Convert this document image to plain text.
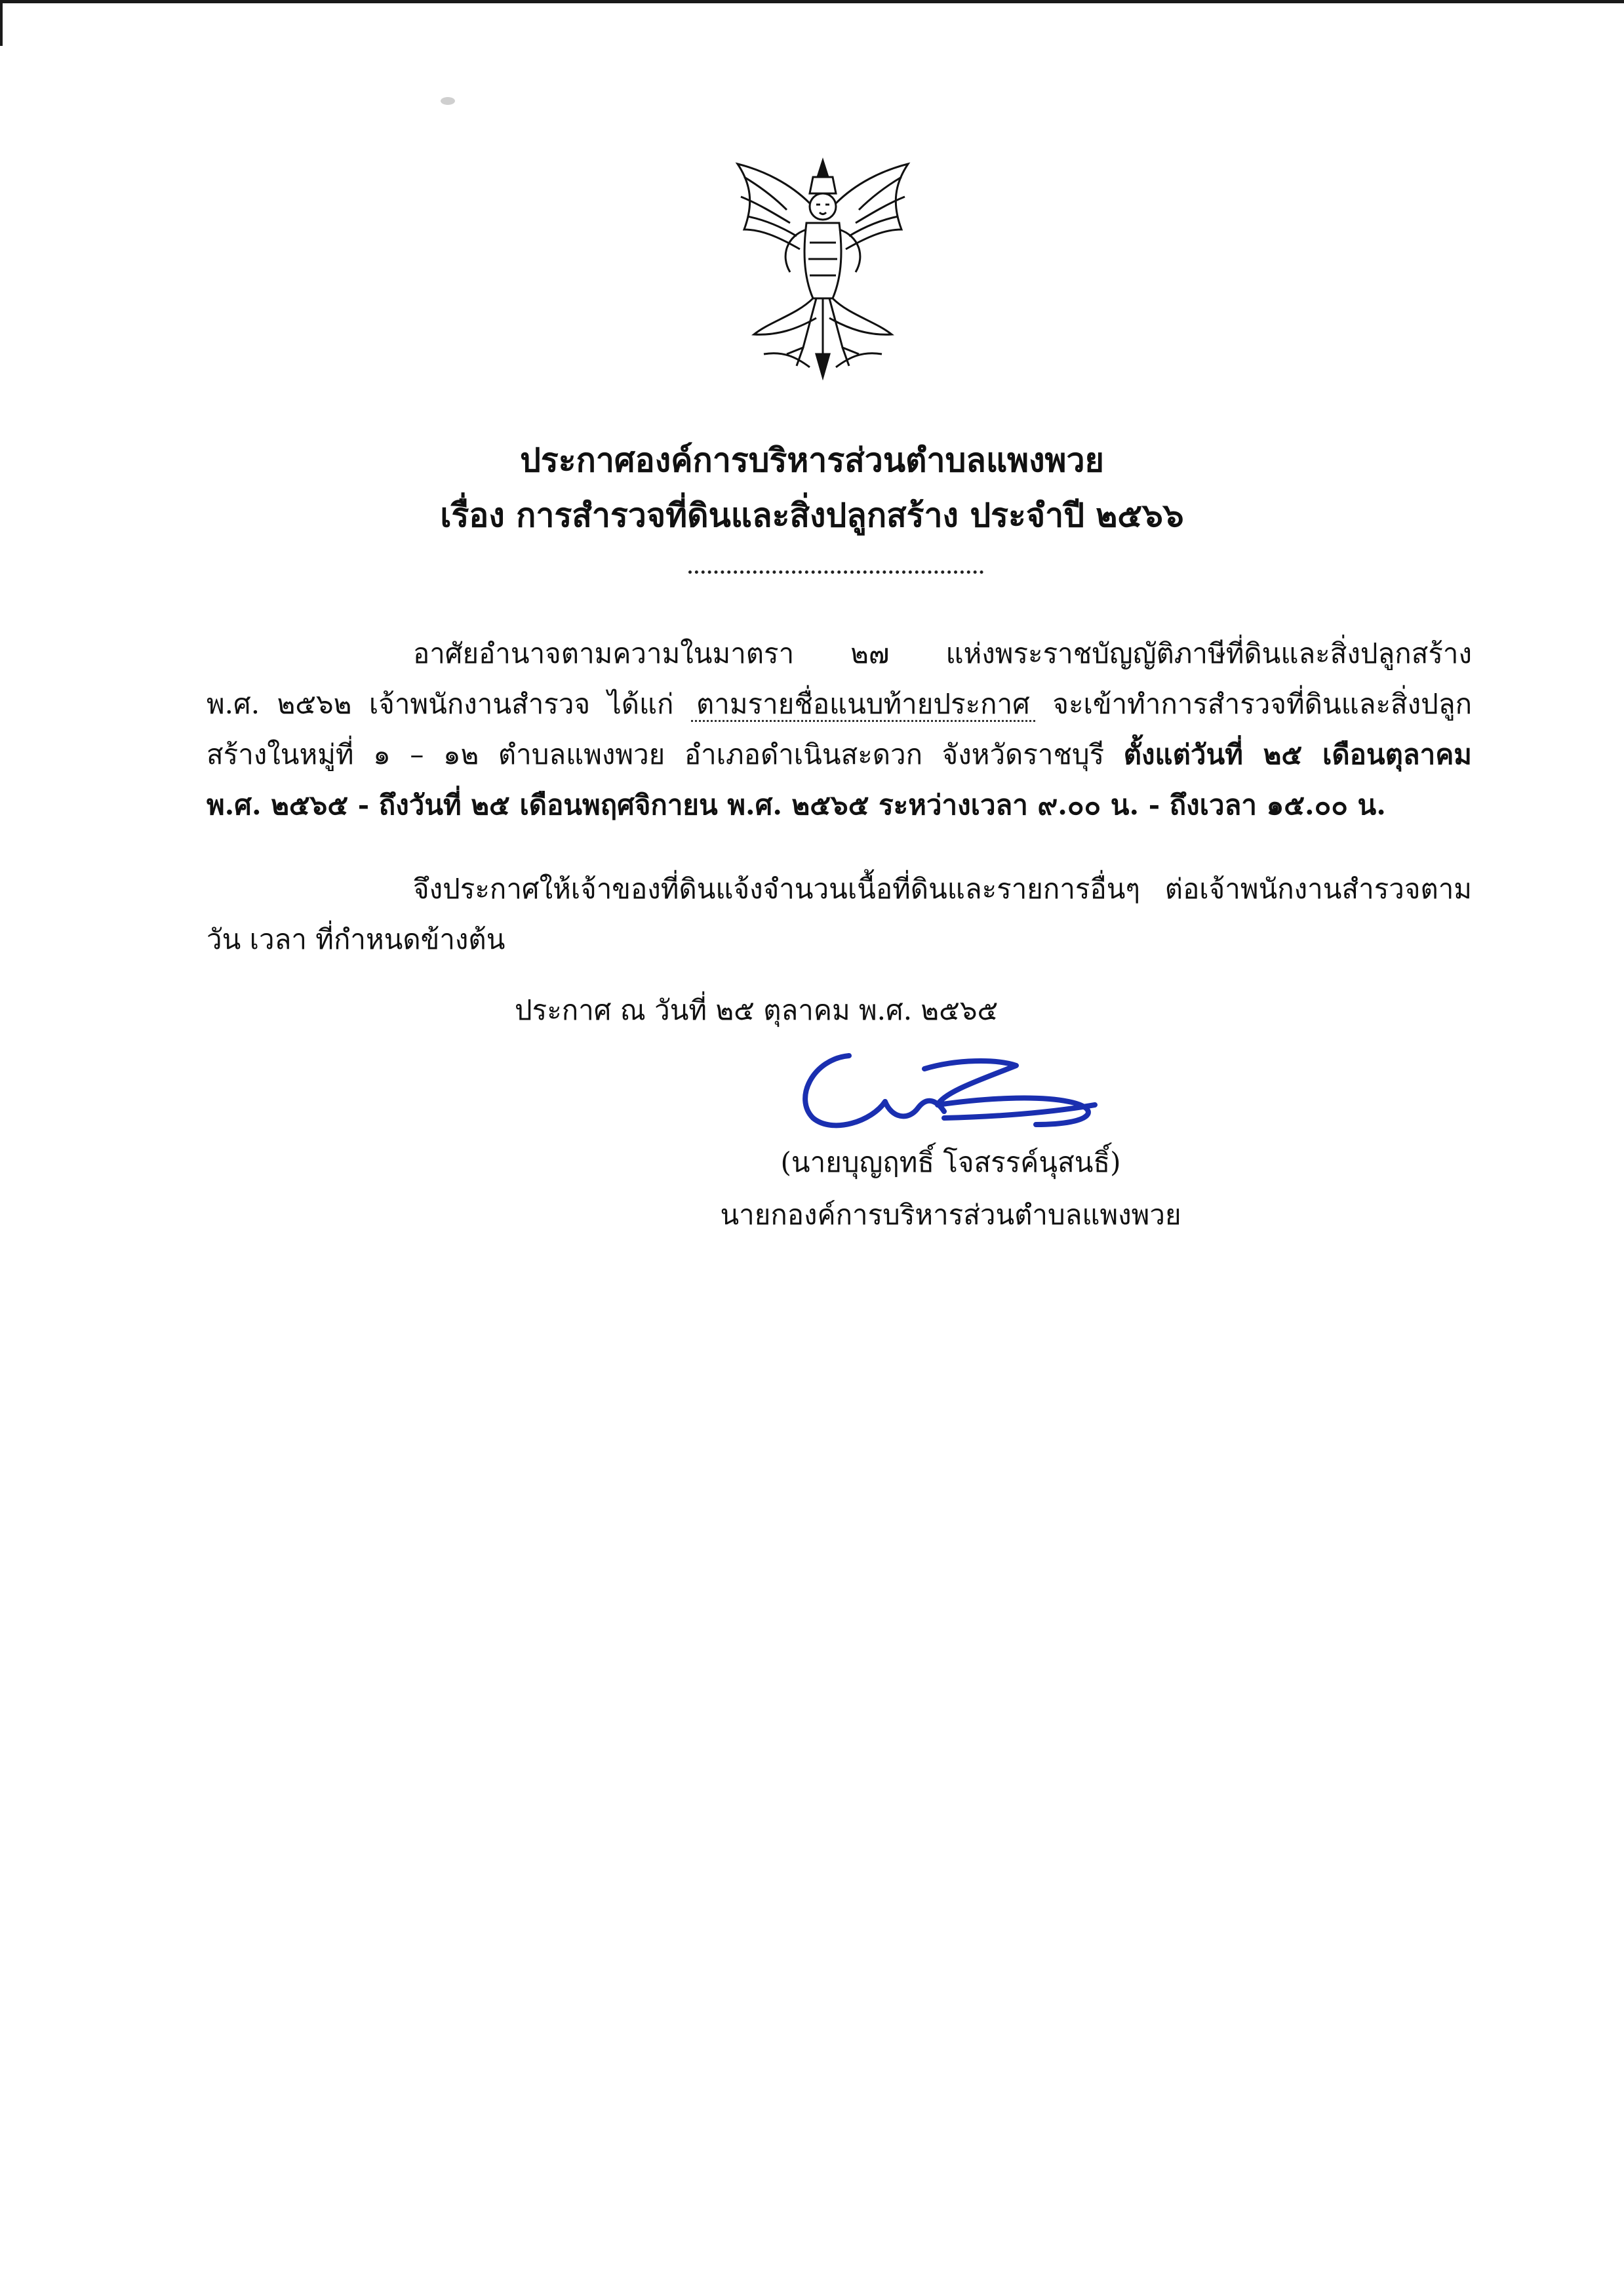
ประกาศองค์การบริหารส่วนตำบลแพงพวย
เรื่อง การสำรวจที่ดินและสิ่งปลูกสร้าง ประจำปี ๒๕๖๖
อาศัยอำนาจตามความในมาตรา ๒๗ แห่งพระราชบัญญัติภาษีที่ดินและสิ่งปลูกสร้าง
พ.ศ. ๒๕๖๒ เจ้าพนักงานสำรวจ ได้แก่ ตามรายชื่อแนบท้ายประกาศ จะเข้าทำการสำรวจที่ดินและสิ่งปลูก
สร้างในหมู่ที่ ๑ – ๑๒ ตำบลแพงพวย อำเภอดำเนินสะดวก จังหวัดราชบุรี ตั้งแต่วันที่ ๒๕ เดือนตุลาคม
พ.ศ. ๒๕๖๕ - ถึงวันที่ ๒๕ เดือนพฤศจิกายน พ.ศ. ๒๕๖๕ ระหว่างเวลา ๙.๐๐ น. - ถึงเวลา ๑๕.๐๐ น.
จึงประกาศให้เจ้าของที่ดินแจ้งจำนวนเนื้อที่ดินและรายการอื่นๆ ต่อเจ้าพนักงานสำรวจตาม
วัน เวลา ที่กำหนดข้างต้น
ประกาศ ณ วันที่ ๒๕ ตุลาคม พ.ศ. ๒๕๖๕
(นายบุญฤทธิ์ โจสรรค์นุสนธิ์)
นายกองค์การบริหารส่วนตำบลแพงพวย
